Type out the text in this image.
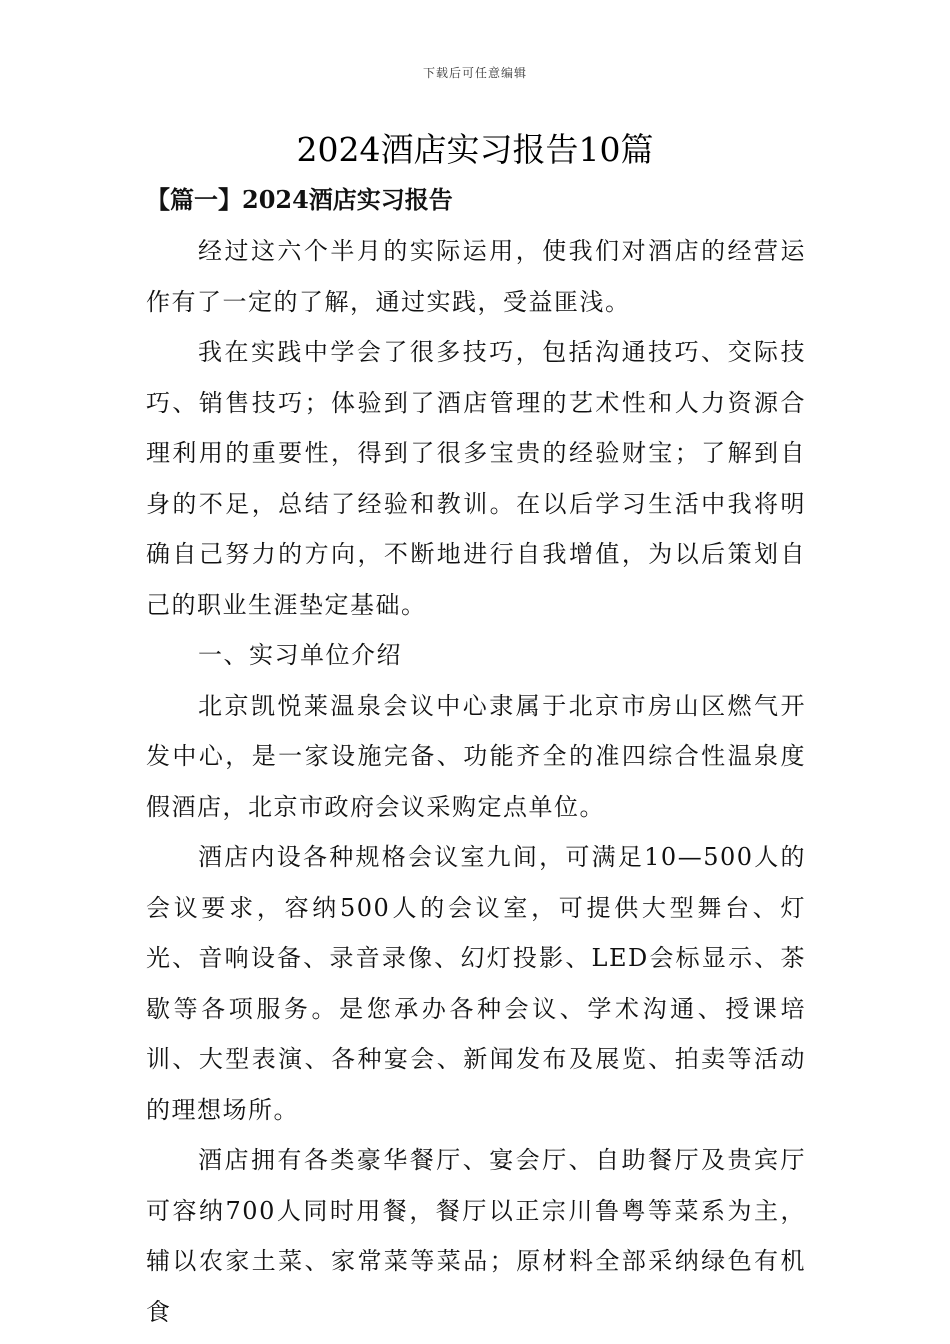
下载后可任意编辑
2024酒店实习报告10篇
【篇一】2024酒店实习报告

经过这六个半月的实际运用，使我们对酒店的经营运作有了一定的了解，通过实践，受益匪浅。

我在实践中学会了很多技巧，包括沟通技巧、交际技巧、销售技巧；体验到了酒店管理的艺术性和人力资源合理利用的重要性，得到了很多宝贵的经验财宝；了解到自身的不足，总结了经验和教训。在以后学习生活中我将明确自己努力的方向，不断地进行自我增值，为以后策划自己的职业生涯垫定基础。

一、实习单位介绍

北京凯悦莱温泉会议中心隶属于北京市房山区燃气开发中心，是一家设施完备、功能齐全的准四综合性温泉度假酒店，北京市政府会议采购定点单位。

酒店内设各种规格会议室九间，可满足10—500人的会议要求，容纳500人的会议室，可提供大型舞台、灯光、音响设备、录音录像、幻灯投影、LED会标显示、茶歇等各项服务。是您承办各种会议、学术沟通、授课培训、大型表演、各种宴会、新闻发布及展览、拍卖等活动的理想场所。

酒店拥有各类豪华餐厅、宴会厅、自助餐厅及贵宾厅可容纳700人同时用餐，餐厅以正宗川鲁粤等菜系为主，辅以农家土菜、家常菜等菜品；原材料全部采纳绿色有机食
